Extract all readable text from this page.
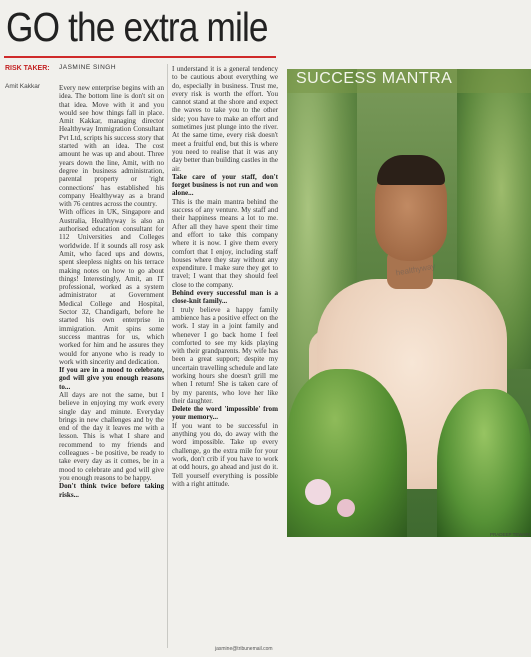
GO the extra mile
RISK TAKER:
Amit Kakkar
JASMINE SINGH

Every new enterprise begins with an idea. The bottom line is don't sit on that idea. Move with it and you would see how things fall in place. Amit Kakkar, managing director Healthyway Immigration Consultant Pvt Ltd, scripts his success story that started with an idea. The cost amount he was up and about. Three years down the line, Amit, with no degree in business administration, parental property or 'right connections' has established his company Healthyway as a brand with 76 centres across the country.

With offices in UK, Singapore and Australia, Healthyway is also an authorised education consultant for 112 Universities and Colleges worldwide. If it sounds all rosy ask Amit, who faced ups and downs, spent sleepless nights on his terrace making notes on how to go about things! Interestingly, Amit, an IT professional, worked as a system administrator at Government Medical College and Hospital, Sector 32, Chandigarh, before he started his own enterprise in immigration. Amit spins some success mantras for us, which worked for him and he assures they would for anyone who is ready to work with sincerity and dedication.

If you are in a mood to celebrate, god will give you enough reasons to...

All days are not the same, but I believe in enjoying my work every single day and minute. Everyday brings in new challenges and by the end of the day it leaves me with a lesson. This is what I share and recommend to my friends and colleagues - be positive, be ready to take every day as it comes, be in a mood to celebrate and god will give you enough reasons to be happy.

Don't think twice before taking risks...

I understand it is a general tendency to be cautious about everything we do, especially in business. Trust me, every risk is worth the effort. You cannot stand at the shore and expect the waves to take you to the other side; you have to make an effort and sometimes just plunge into the river. At the same time, every risk doesn't meet a fruitful end, but this is where you need to realise that it was any day better than building castles in the air.

Take care of your staff, don't forget business is not run and won alone...

This is the main mantra behind the success of any venture. My staff and their happiness means a lot to me. After all they have spent their time and effort to take this company where it is now. I give them every comfort that I enjoy, including staff houses where they stay without any expenditure. I make sure they get to travel; I want that they should feel close to the company.

Behind every successful man is a close-knit family...

I truly believe a happy family ambience has a positive effect on the work. I stay in a joint family and whenever I go back home I feel comforted to see my kids playing with their grandparents. My wife has been a great support; despite my uncertain travelling schedule and late working hours she doesn't grill me when I return! She is taken care of by my parents, who love her like their daughter.

Delete the word 'impossible' from your memory...

If you want to be successful in anything you do, do away with the word impossible. Take up every challenge, go the extra mile for your work, don't crib if you have to work at odd hours, go ahead and just do it. Tell yourself everything is possible with a right attitude.

jasmine@tribunemail.com
healthyway
SUCCESS MANTRA
PRADEEP TEWARI
